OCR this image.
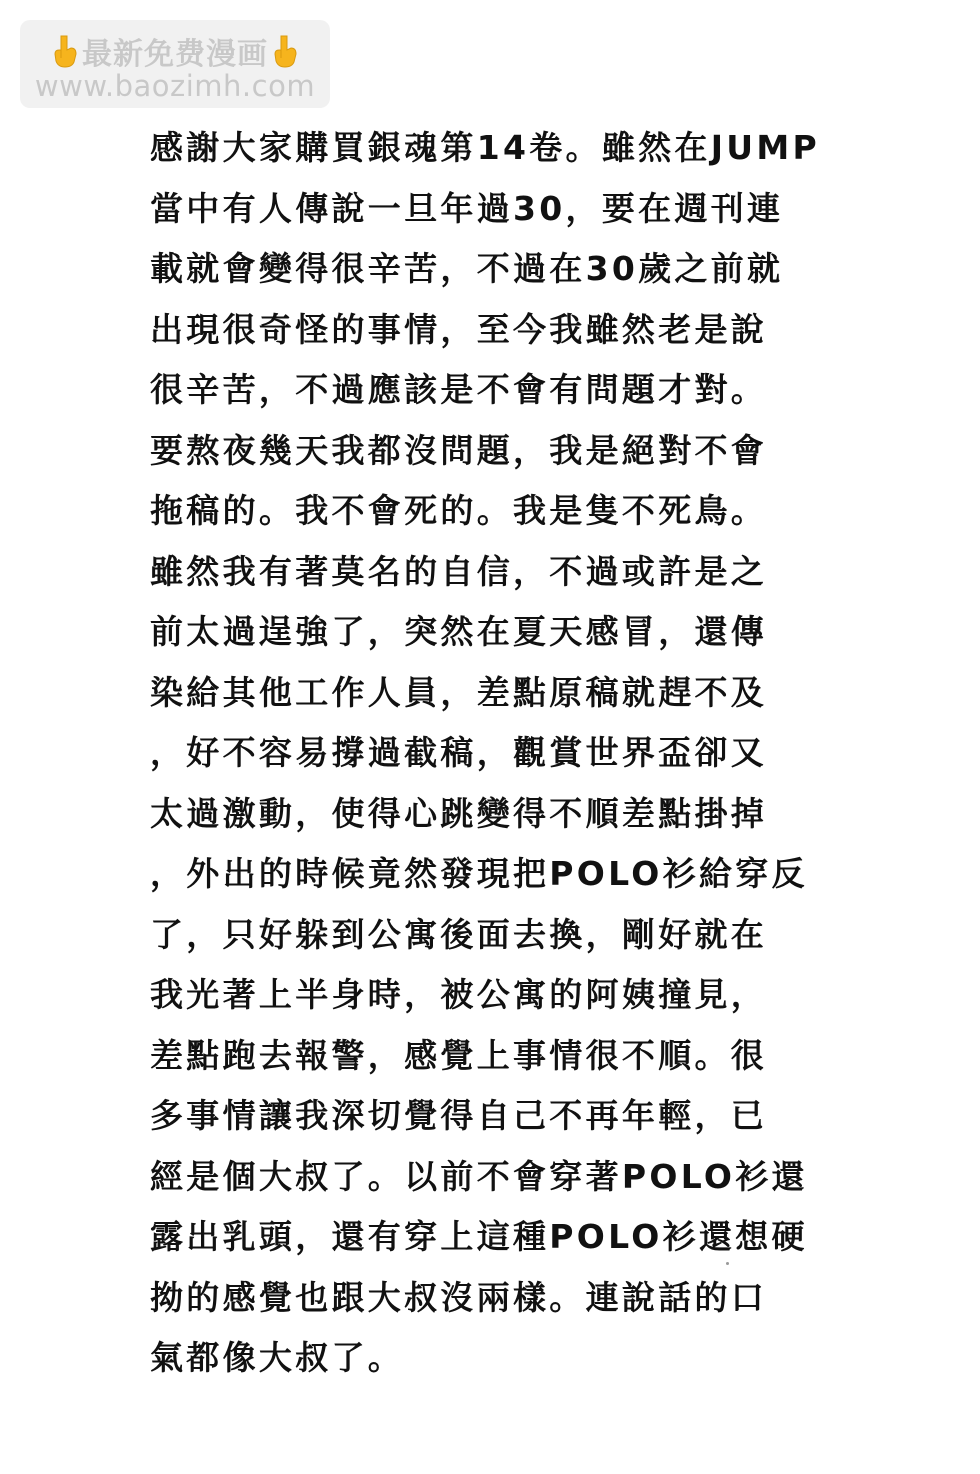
最新免费漫画
www.baozimh.com
感謝大家購買銀魂第14卷。雖然在JUMP
當中有人傳說一旦年過30，要在週刊連
載就會變得很辛苦，不過在30歲之前就
出現很奇怪的事情，至今我雖然老是說
很辛苦，不過應該是不會有問題才對。
要熬夜幾天我都沒問題，我是絕對不會
拖稿的。我不會死的。我是隻不死鳥。
雖然我有著莫名的自信，不過或許是之
前太過逞強了，突然在夏天感冒，還傳
染給其他工作人員，差點原稿就趕不及
，好不容易撐過截稿，觀賞世界盃卻又
太過激動，使得心跳變得不順差點掛掉
，外出的時候竟然發現把POLO衫給穿反
了，只好躲到公寓後面去換，剛好就在
我光著上半身時，被公寓的阿姨撞見，
差點跑去報警，感覺上事情很不順。很
多事情讓我深切覺得自己不再年輕，已
經是個大叔了。以前不會穿著POLO衫還
露出乳頭，還有穿上這種POLO衫還想硬
拗的感覺也跟大叔沒兩樣。連說話的口
氣都像大叔了。
